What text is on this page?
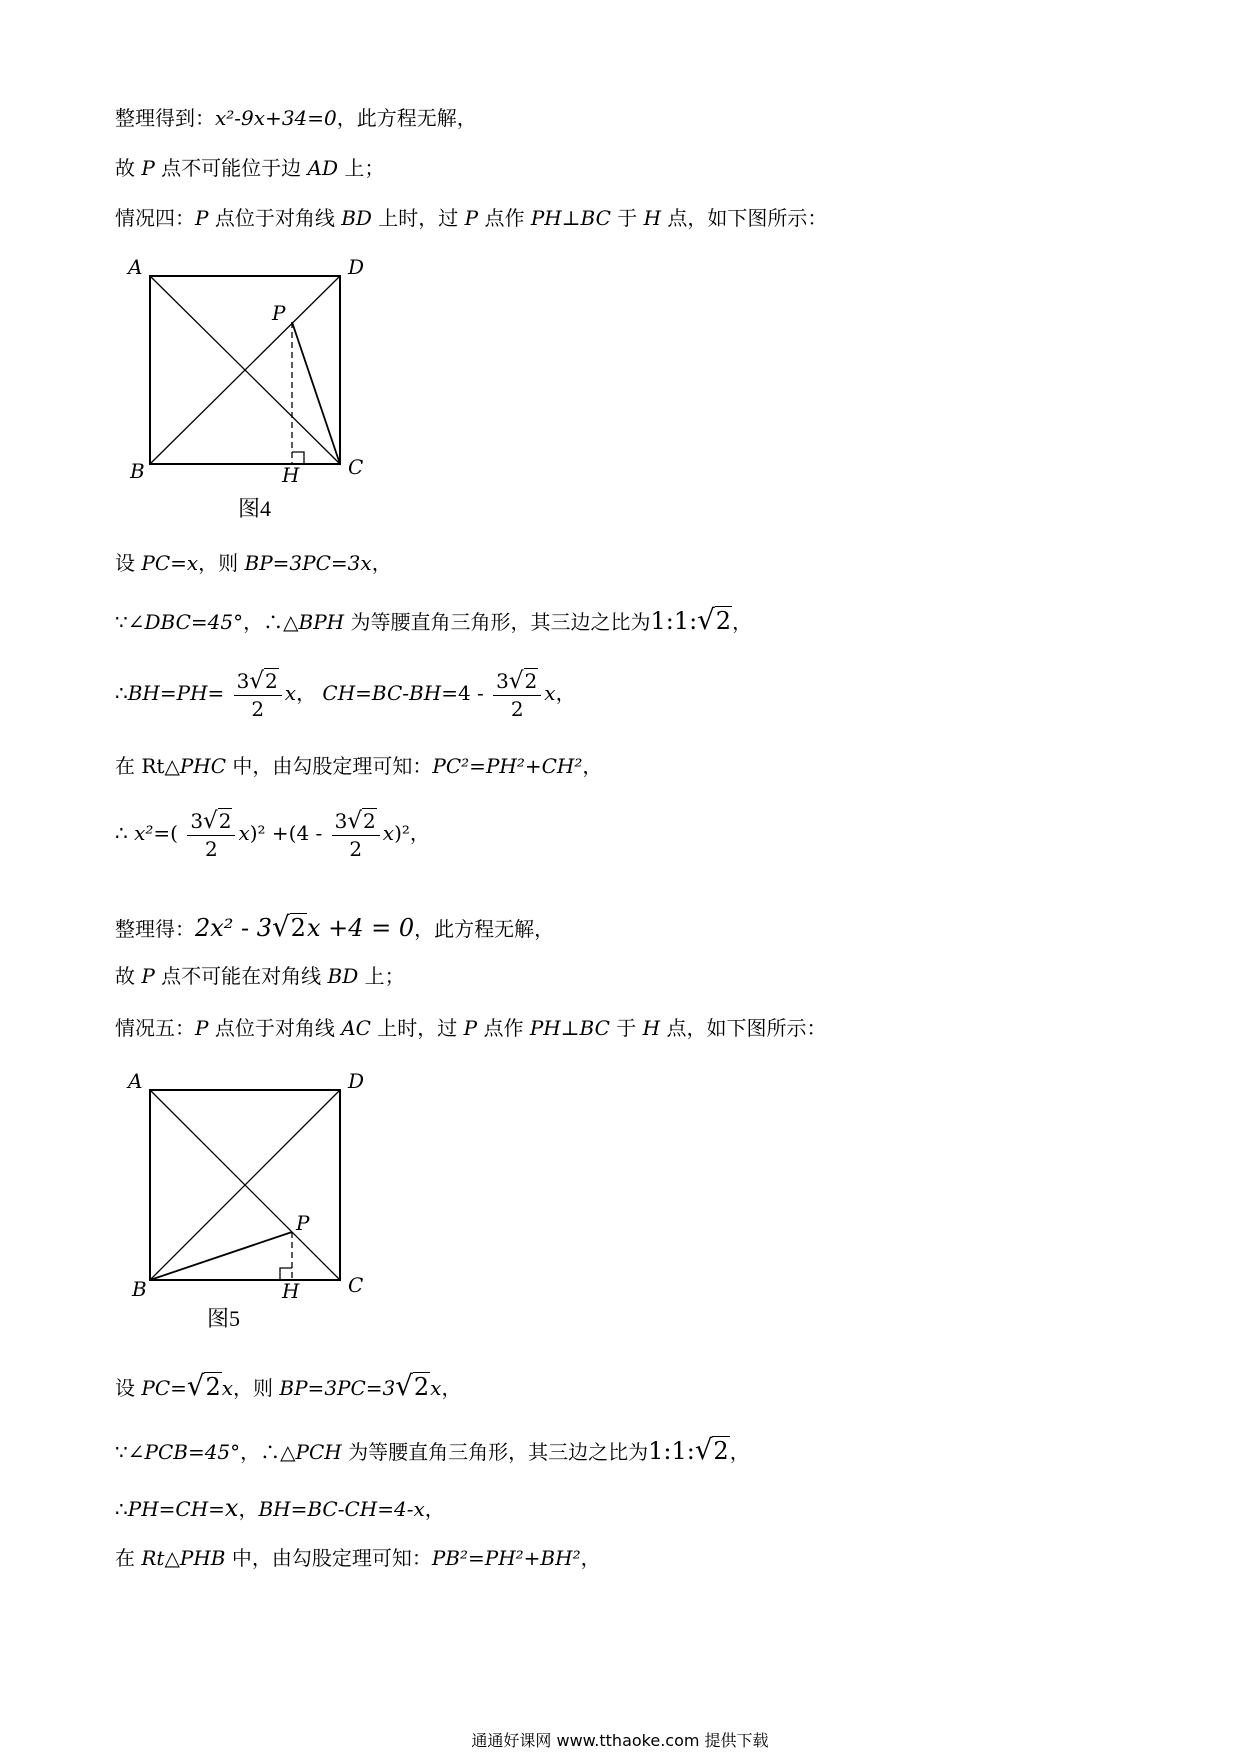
整理得到：x²-9x+34=0，此方程无解，
故 P 点不可能位于边 AD 上；
情况四：P 点位于对角线 BD 上时，过 P 点作 PH⊥BC 于 H 点，如下图所示：
A	D
P
B	C
H
图4
设 PC=x，则 BP=3PC=3x，
∵∠DBC=45°，∴△BPH 为等腰直角三角形，其三边之比为1:1:√2，
∴BH=PH= $\frac{3√2}{2}$ x， $CH=BC-BH=4 - \frac{3√2}{2}$ x，
在 Rt△PHC 中，由勾股定理可知：PC²=PH²+CH²，
∴ $x^2=( \frac{3√2}{2} x)^2 +(4 - \frac{3√2}{2} x)^2$，
整理得：2x² - 3√2x +4 = 0，此方程无解，
故 P 点不可能在对角线 BD 上；
情况五：P 点位于对角线 AC 上时，过 P 点作 PH⊥BC 于 H 点，如下图所示：
A	D
P
B	C
H
图5
设 PC=√2x，则 BP=3PC=3√2x，
∵∠PCB=45°，∴△PCH 为等腰直角三角形，其三边之比为1:1:√2，
∴PH=CH=x，BH=BC-CH=4-x，
在 Rt△PHB 中，由勾股定理可知：PB²=PH²+BH²，
通通好课网 www.tthaoke.com 提供下载
